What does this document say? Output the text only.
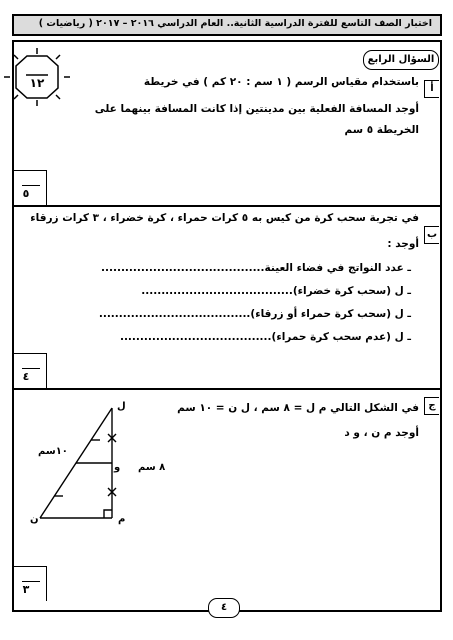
اختبار الصف التاسع للفترة الدراسية الثانية.. العام الدراسي ٢٠١٦ – ٢٠١٧ ( رياضيات )
١٢
السؤال الرابع
أ
باستخدام مقياس الرسم ( ١ سم : ٢٠ كم ) في خريطة
أوجد المسافة الفعلية بين مدينتين إذا كانت المسافة بينهما على
الخريطة ٥ سم
٥
ب
في تجربة سحب كرة من كيس به ٥ كرات حمراء ، كرة خضراء ، ٣ كرات زرقاء
أوجد :
ـ عدد النواتج في فضاء العينة.........................................
ـ ل (سحب كرة خضراء)......................................
ـ ل (سحب كرة حمراء أو زرقاء)......................................
ـ ل (عدم سحب كرة حمراء)......................................
٤
ج
في الشكل التالي م ل = ٨ سم ، ل ن = ١٠ سم
أوجد م ن ، و د
ل
ن	م
و
١٠سم
٨ سم
٣
٤
